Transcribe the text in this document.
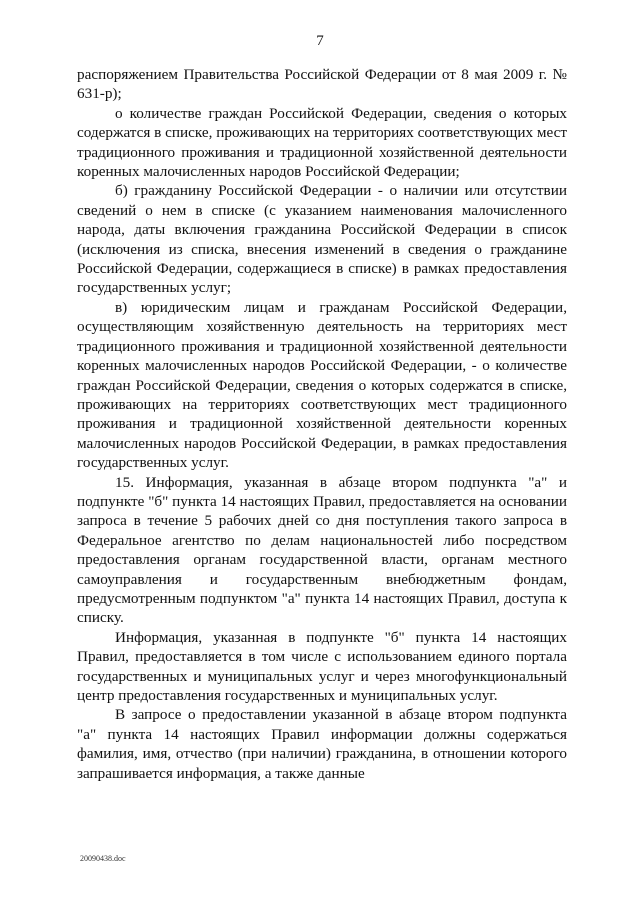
7

распоряжением Правительства Российской Федерации от 8 мая 2009 г. № 631-р);

о количестве граждан Российской Федерации, сведения о которых содержатся в списке, проживающих на территориях соответствующих мест традиционного проживания и традиционной хозяйственной деятельности коренных малочисленных народов Российской Федерации;

б) гражданину Российской Федерации - о наличии или отсутствии сведений о нем в списке (с указанием наименования малочисленного народа, даты включения гражданина Российской Федерации в список (исключения из списка, внесения изменений в сведения о гражданине Российской Федерации, содержащиеся в списке) в рамках предоставления государственных услуг;

в) юридическим лицам и гражданам Российской Федерации, осуществляющим хозяйственную деятельность на территориях мест традиционного проживания и традиционной хозяйственной деятельности коренных малочисленных народов Российской Федерации, - о количестве граждан Российской Федерации, сведения о которых содержатся в списке, проживающих на территориях соответствующих мест традиционного проживания и традиционной хозяйственной деятельности коренных малочисленных народов Российской Федерации, в рамках предоставления государственных услуг.

15. Информация, указанная в абзаце втором подпункта "а" и подпункте "б" пункта 14 настоящих Правил, предоставляется на основании запроса в течение 5 рабочих дней со дня поступления такого запроса в Федеральное агентство по делам национальностей либо посредством предоставления органам государственной власти, органам местного самоуправления и государственным внебюджетным фондам, предусмотренным подпунктом "а" пункта 14 настоящих Правил, доступа к списку.

Информация, указанная в подпункте "б" пункта 14 настоящих Правил, предоставляется в том числе с использованием единого портала государственных и муниципальных услуг и через многофункциональный центр предоставления государственных и муниципальных услуг.

В запросе о предоставлении указанной в абзаце втором подпункта "а" пункта 14 настоящих Правил информации должны содержаться фамилия, имя, отчество (при наличии) гражданина, в отношении которого запрашивается информация, а также данные

20090438.doc
